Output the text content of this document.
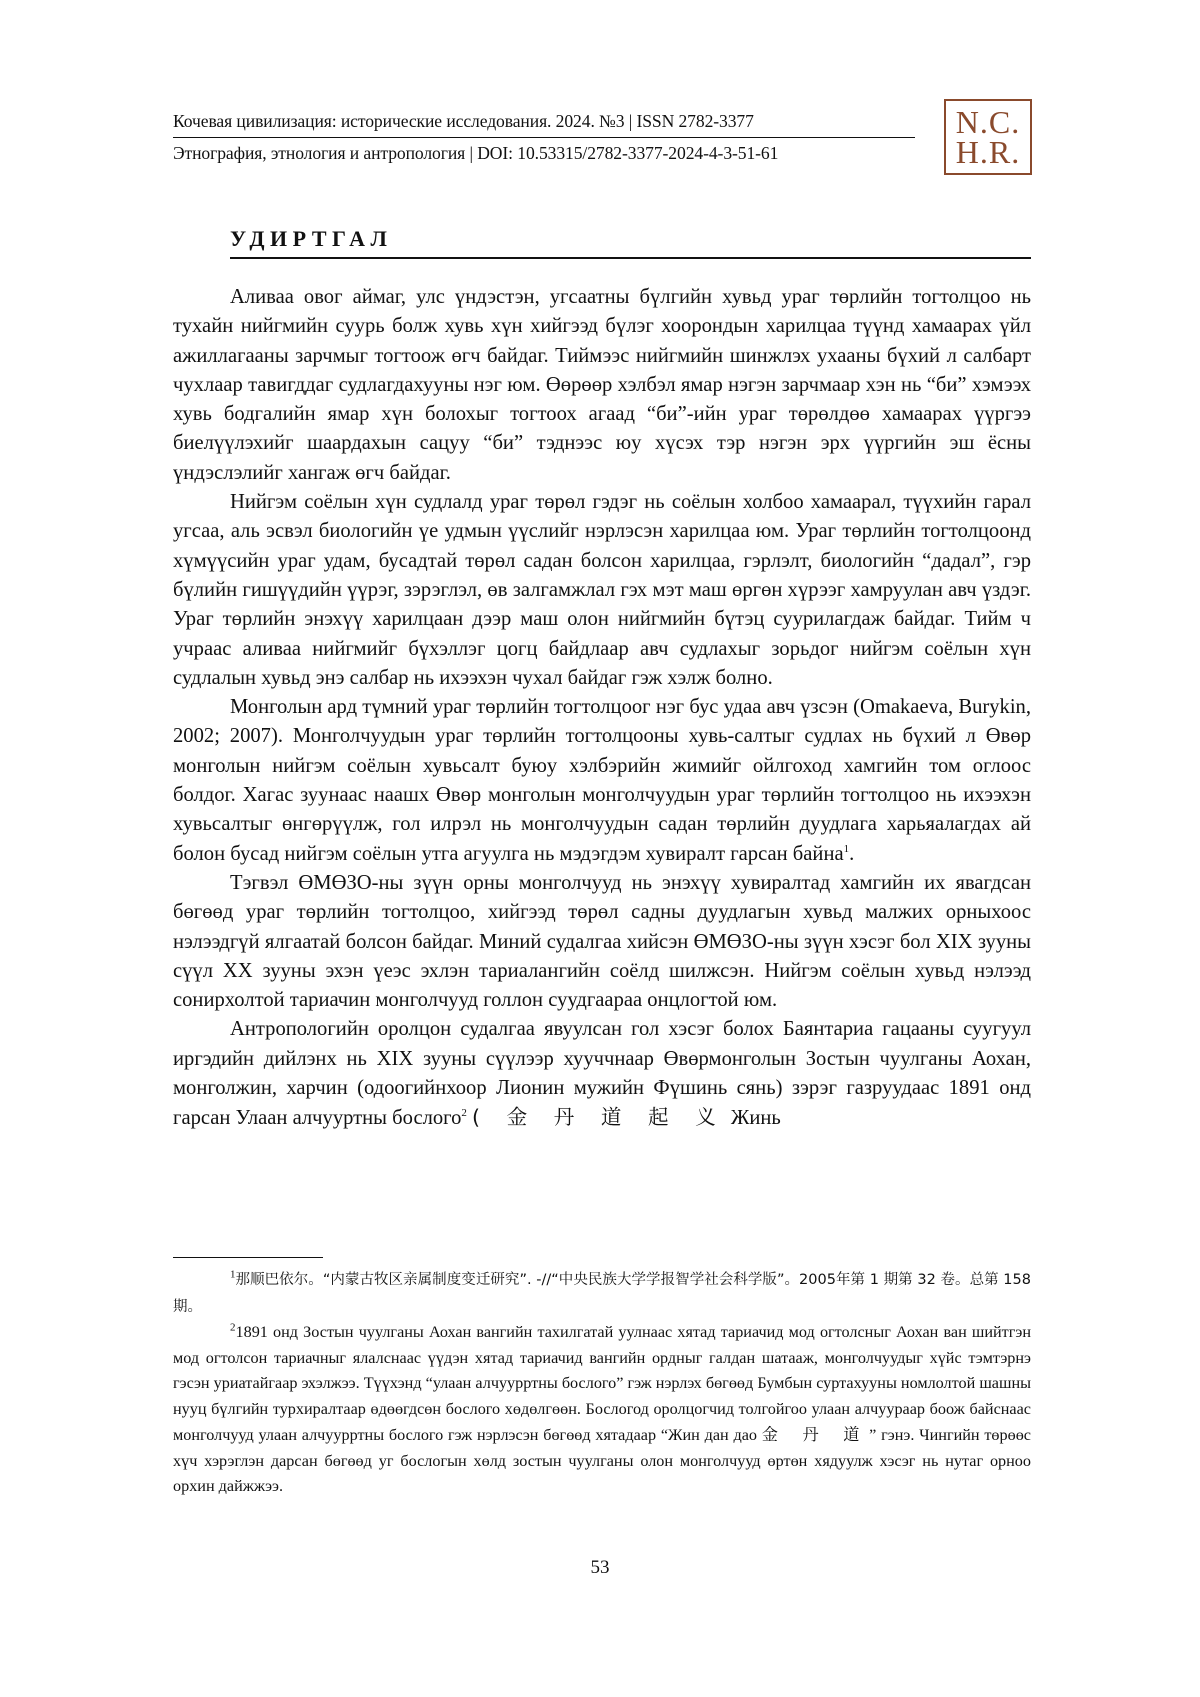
Кочевая цивилизация: исторические исследования. 2024. №3 | ISSN 2782-3377
Этнография, этнология и антропология | DOI: 10.53315/2782-3377-2024-4-3-51-61
N.C.
H.R.
УДИРТГАЛ

Аливаа овог аймаг, улс үндэстэн, угсаатны бүлгийн хувьд ураг төрлийн тогтолцоо нь тухайн нийгмийн суурь болж хувь хүн хийгээд бүлэг хоорондын харилцаа түүнд хамаарах үйл ажиллагааны зарчмыг тогтоож өгч байдаг. Тиймээс нийгмийн шинжлэх ухааны бүхий л салбарт чухлаар тавигддаг судлагдахууны нэг юм. Өөрөөр хэлбэл ямар нэгэн зарчмаар хэн нь “би” хэмээх хувь бодгалийн ямар хүн болохыг тогтоох агаад “би”-ийн ураг төрөлдөө хамаарах үүргээ биелүүлэхийг шаардахын сацуу “би” тэднээс юу хүсэх тэр нэгэн эрх үүргийн эш ёсны үндэслэлийг хангаж өгч байдаг.

Нийгэм соёлын хүн судлалд ураг төрөл гэдэг нь соёлын холбоо хамаарал, түүхийн гарал угсаа, аль эсвэл биологийн үе удмын үүслийг нэрлэсэн харилцаа юм. Ураг төрлийн тогтолцоонд хүмүүсийн ураг удам, бусадтай төрөл садан болсон харилцаа, гэрлэлт, биологийн “дадал”, гэр бүлийн гишүүдийн үүрэг, зэрэглэл, өв залгамжлал гэх мэт маш өргөн хүрээг хамруулан авч үздэг. Ураг төрлийн энэхүү харилцаан дээр маш олон нийгмийн бүтэц суурилагдаж байдаг. Тийм ч учраас аливаа нийгмийг бүхэллэг цогц байдлаар авч судлахыг зорьдог нийгэм соёлын хүн судлалын хувьд энэ салбар нь ихээхэн чухал байдаг гэж хэлж болно.

Монголын ард түмний ураг төрлийн тогтолцоог нэг бус удаа авч үзсэн (Omakaeva, Burykin, 2002; 2007). Монголчуудын ураг төрлийн тогтолцооны хувь-салтыг судлах нь бүхий л Өвөр монголын нийгэм соёлын хувьсалт буюу хэлбэрийн жимийг ойлгоход хамгийн том оглоос болдог. Хагас зуунаас наашх Өвөр монголын монголчуудын ураг төрлийн тогтолцоо нь ихээхэн хувьсалтыг өнгөрүүлж, гол илрэл нь монголчуудын садан төрлийн дуудлага харьяалагдах ай болон бусад нийгэм соёлын утга агуулга нь мэдэгдэм хувиралт гарсан байна$^1$.

Тэгвэл ӨМӨЗО-ны зүүн орны монголчууд нь энэхүү хувиралтад хамгийн их явагдсан бөгөөд ураг төрлийн тогтолцоо, хийгээд төрөл садны дуудлагын хувьд малжих орныхоос нэлээдгүй ялгаатай болсон байдаг. Миний судалгаа хийсэн ӨМӨЗО-ны зүүн хэсэг бол XIX зууны сүүл XX зууны эхэн үеэс эхлэн тариалангийн соёлд шилжсэн. Нийгэм соёлын хувьд нэлээд сонирхолтой тариачин монголчууд голлон суудгаараа онцлогтой юм.

Антропологийн оролцон судалгаа явуулсан гол хэсэг болох Баянтариа гацааны суугуул иргэдийн дийлэнх нь XIX зууны сүүлээр хууччнаар Өвөрмонголын Зостын чуулганы Аохан, монголжин, харчин (одоогийнхоор Лионин мужийн Фүшинь сянь) зэрэг газруудаас 1891 онд гарсан Улаан алчууртны бослого$^2$ ( 金 丹 道 起 义 Жинь

$^1$那顺巴依尔。“内蒙古牧区亲属制度变迁研究”. -//“中央民族大学学报智学社会科学版”。2005年第 1 期第 32 卷。总第 158 期。

$^2$1891 онд Зостын чуулганы Аохан вангийн тахилгатай уулнаас хятад тариачид мод огтолсныг Аохан ван шийтгэн мод огтолсон тариачныг ялалснаас үүдэн хятад тариачид вангийн ордныг галдан шатааж, монголчуудыг хүйс тэмтэрнэ гэсэн уриатайгаар эхэлжээ. Түүхэнд “улаан алчуурртны бослого” гэж нэрлэх бөгөөд Бумбын суртахууны номлолтой шашны нууц бүлгийн турхиралтаар өдөөгдсөн бослого хөдөлгөөн. Бослогод оролцогчид толгойгоо улаан алчуураар боож байснаас монголчууд улаан алчуурртны бослого гэж нэрлэсэн бөгөөд хятадаар “Жин дан дао 金 丹 道” гэнэ. Чингийн төрөөс хүч хэрэглэн дарсан бөгөөд уг бослогын хөлд зостын чуулганы олон монголчууд өртөн хядуулж хэсэг нь нутаг орноо орхин дайжжээ.

53
